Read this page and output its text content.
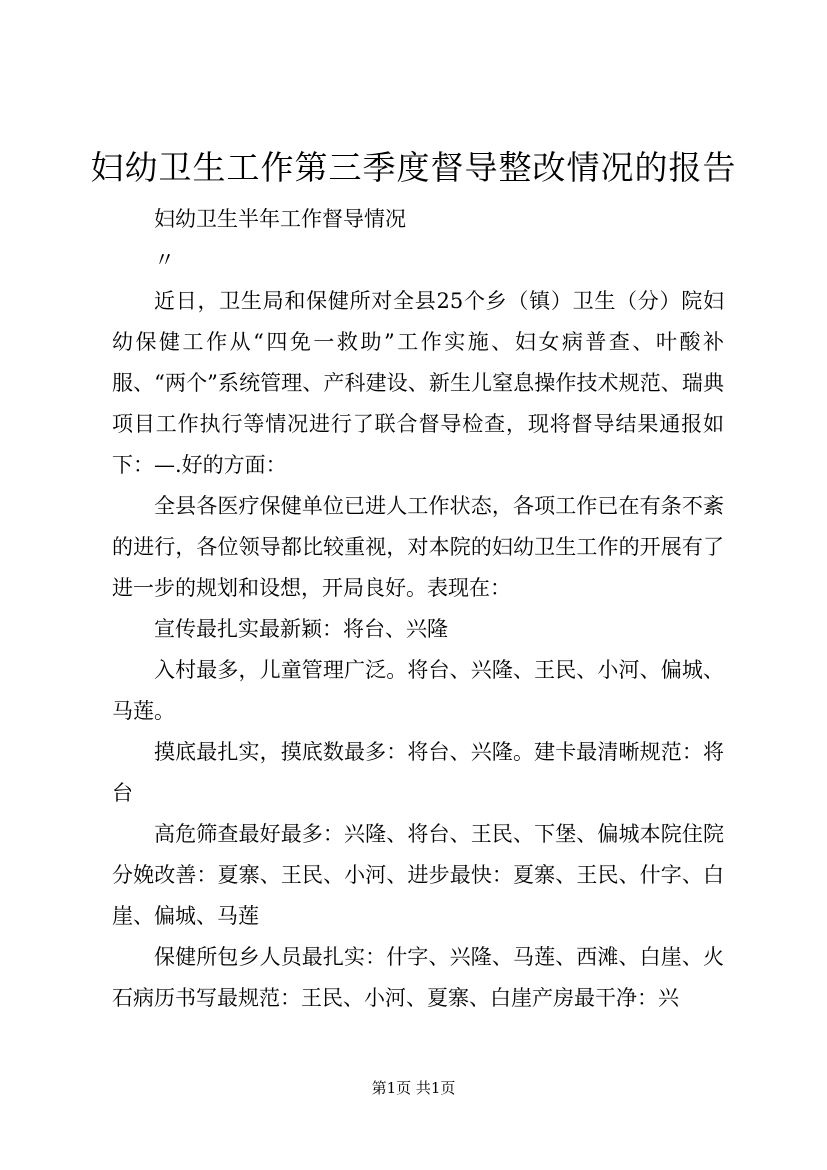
妇幼卫生工作第三季度督导整改情况的报告

妇幼卫生半年工作督导情况

〃

近日，卫生局和保健所对全县25个乡（镇）卫生（分）院妇幼保健工作从“四免一救助”工作实施、妇女病普查、叶酸补服、“两个”系统管理、产科建设、新生儿窒息操作技术规范、瑞典项目工作执行等情况进行了联合督导检查，现将督导结果通报如下：—.好的方面：

全县各医疗保健单位已进人工作状态，各项工作已在有条不紊的进行，各位领导都比较重视，对本院的妇幼卫生工作的开展有了进一步的规划和设想，开局良好。表现在：

宣传最扎实最新颖：将台、兴隆

入村最多，儿童管理广泛。将台、兴隆、王民、小河、偏城、马莲。

摸底最扎实，摸底数最多：将台、兴隆。建卡最清晰规范：将台

高危筛查最好最多：兴隆、将台、王民、下堡、偏城本院住院分娩改善：夏寨、王民、小河、进步最快：夏寨、王民、什字、白崖、偏城、马莲

保健所包乡人员最扎实：什字、兴隆、马莲、西滩、白崖、火石病历书写最规范：王民、小河、夏寨、白崖产房最干净：兴

第1页 共1页
